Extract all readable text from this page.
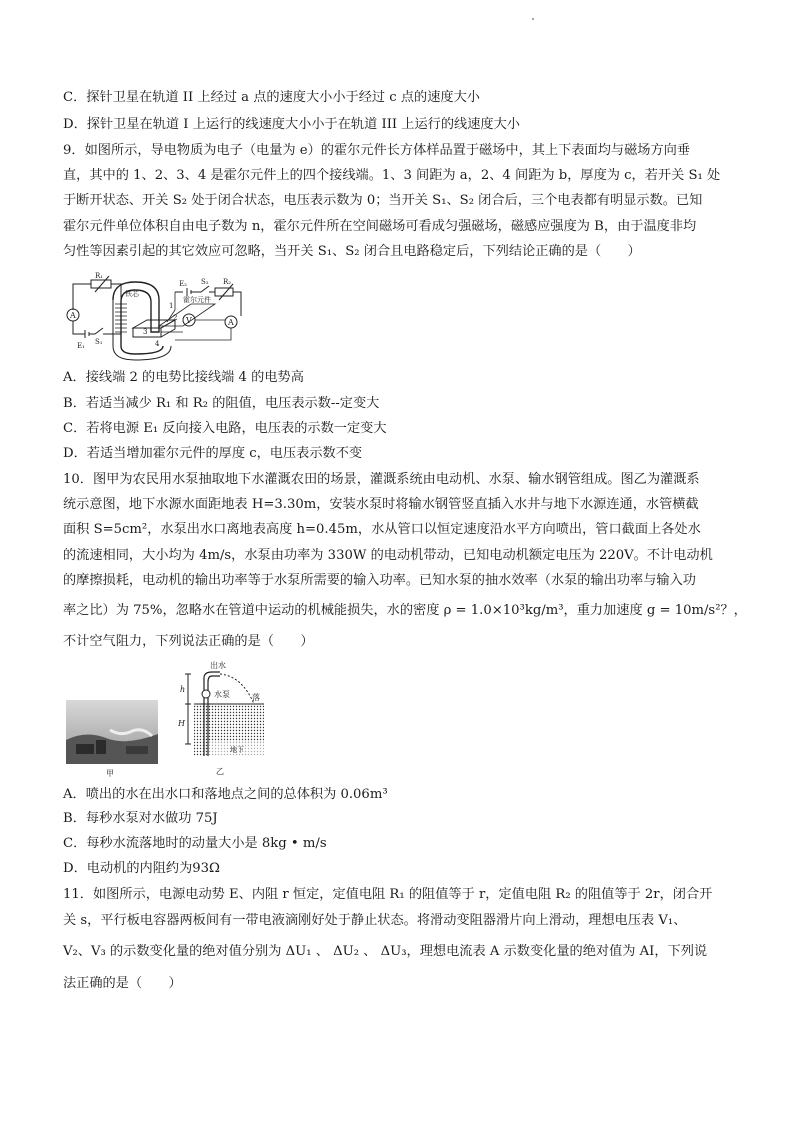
C．探针卫星在轨道 II 上经过 a 点的速度大小小于经过 c 点的速度大小
D．探针卫星在轨道 I 上运行的线速度大小小于在轨道 III 上运行的线速度大小
9．如图所示，导电物质为电子（电量为 e）的霍尔元件长方体样品置于磁场中，其上下表面均与磁场方向垂
直，其中的 1、2、3、4 是霍尔元件上的四个接线端。1、3 间距为 a，2、4 间距为 b，厚度为 c，若开关 S₁ 处
于断开状态、开关 S₂ 处于闭合状态，电压表示数为 0；当开关 S₁、S₂ 闭合后，三个电表都有明显示数。已知
霍尔元件单位体积自由电子数为 n，霍尔元件所在空间磁场可看成匀强磁场，磁感应强度为 B，由于温度非均
匀性等因素引起的其它效应可忽略，当开关 S₁、S₂ 闭合且电路稳定后，下列结论正确的是（　　）
A
A
V
R₁
铁芯
E₂ S₂ R₂
霍尔元件
S₁
E₁
1
2
3
4
A．接线端 2 的电势比接线端 4 的电势高
B．若适当减少 R₁ 和 R₂ 的阻值，电压表示数--定变大
C．若将电源 E₁ 反向接入电路，电压表的示数一定变大
D．若适当增加霍尔元件的厚度 c，电压表示数不变
10．图甲为农民用水泵抽取地下水灌溉农田的场景，灌溉系统由电动机、水泵、输水钢管组成。图乙为灌溉系
统示意图，地下水源水面距地表 H=3.30m，安装水泵时将输水钢管竖直插入水井与地下水源连通，水管横截
面积 S=5cm²，水泵出水口离地表高度 h=0.45m，水从管口以恒定速度沿水平方向喷出，管口截面上各处水
的流速相同，大小均为 4m/s，水泵由功率为 330W 的电动机带动，已知电动机额定电压为 220V。不计电动机
的摩擦损耗，电动机的输出功率等于水泵所需要的输入功率。已知水泵的抽水效率（水泵的输出功率与输入功
率之比）为 75%，忽略水在管道中运动的机械能损失，水的密度 ρ = 1.0×10³kg/m³，重力加速度 g = 10m/s²？，
不计空气阻力，下列说法正确的是（　　）
甲
出水
水泵	落
h
H
地下
乙
A．喷出的水在出水口和落地点之间的总体积为 0.06m³
B．每秒水泵对水做功 75J
C．每秒水流落地时的动量大小是 8kg • m/s
D．电动机的内阻约为93Ω
11．如图所示，电源电动势 E、内阻 r 恒定，定值电阻 R₁ 的阻值等于 r，定值电阻 R₂ 的阻值等于 2r，闭合开
关 s，平行板电容器两板间有一带电液滴刚好处于静止状态。将滑动变阻器滑片向上滑动，理想电压表 V₁、
V₂、V₃ 的示数变化量的绝对值分别为 ΔU₁ 、 ΔU₂ 、 ΔU₃，理想电流表 A 示数变化量的绝对值为 AI，下列说
法正确的是（　　）
